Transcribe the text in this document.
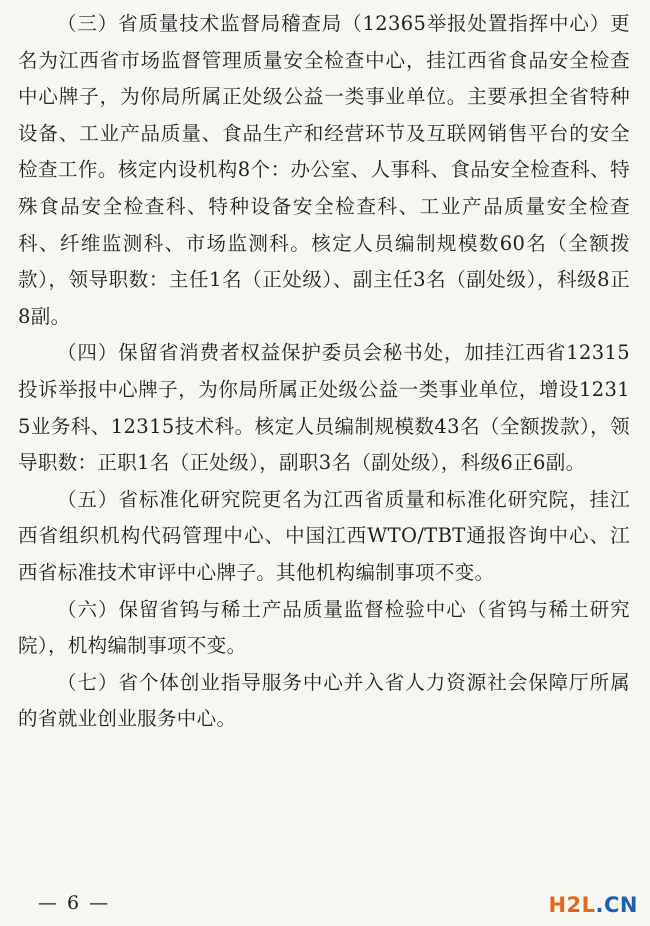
（三）省质量技术监督局稽查局（12365举报处置指挥中心）更名为江西省市场监督管理质量安全检查中心，挂江西省食品安全检查中心牌子，为你局所属正处级公益一类事业单位。主要承担全省特种设备、工业产品质量、食品生产和经营环节及互联网销售平台的安全检查工作。核定内设机构8个：办公室、人事科、食品安全检查科、特殊食品安全检查科、特种设备安全检查科、工业产品质量安全检查科、纤维监测科、市场监测科。核定人员编制规模数60名（全额拨款），领导职数：主任1名（正处级）、副主任3名（副处级），科级8正8副。

（四）保留省消费者权益保护委员会秘书处，加挂江西省12315投诉举报中心牌子，为你局所属正处级公益一类事业单位，增设12315业务科、12315技术科。核定人员编制规模数43名（全额拨款），领导职数：正职1名（正处级），副职3名（副处级），科级6正6副。

（五）省标准化研究院更名为江西省质量和标准化研究院，挂江西省组织机构代码管理中心、中国江西WTO/TBT通报咨询中心、江西省标准技术审评中心牌子。其他机构编制事项不变。

（六）保留省钨与稀土产品质量监督检验中心（省钨与稀土研究院），机构编制事项不变。

（七）省个体创业指导服务中心并入省人力资源社会保障厅所属的省就业创业服务中心。

— 6 —	H2L.CN
